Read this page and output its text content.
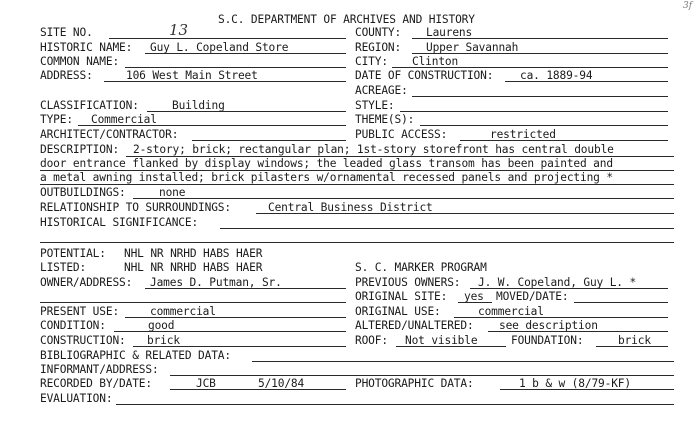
S.C. DEPARTMENT OF ARCHIVES AND HISTORY
3f
SITE NO.	13	COUNTY: Laurens
HISTORIC NAME: Guy L. Copeland Store	REGION: Upper Savannah
COMMON NAME:	CITY: Clinton
ADDRESS:	106 West Main Street	DATE OF CONSTRUCTION: ca. 1889-94
ACREAGE:
CLASSIFICATION:	Building	STYLE:
TYPE: Commercial	THEME(S):
ARCHITECT/CONTRACTOR:	PUBLIC ACCESS:	restricted
DESCRIPTION: 2-story; brick; rectangular plan; 1st-story storefront has central double
door entrance flanked by display windows; the leaded glass transom has been painted and
a metal awning installed; brick pilasters w/ornamental recessed panels and projecting *
OUTBUILDINGS:	none
RELATIONSHIP TO SURROUNDINGS:	Central Business District
HISTORICAL SIGNIFICANCE:
POTENTIAL: NHL NR NRHD HABS HAER
LISTED:	NHL NR NRHD HABS HAER	S. C. MARKER PROGRAM
OWNER/ADDRESS: James D. Putman, Sr.	PREVIOUS OWNERS: J. W. Copeland, Guy L. *
ORIGINAL SITE: yes MOVED/DATE:
PRESENT USE:	commercial	ORIGINAL USE:	commercial
CONDITION:	good	ALTERED/UNALTERED: see description
CONSTRUCTION: brick	ROOF: Not visible	FOUNDATION:	brick
BIBLIOGRAPHIC & RELATED DATA:
INFORMANT/ADDRESS:
RECORDED BY/DATE:	JCB	5/10/84	PHOTOGRAPHIC DATA:	1 b & w (8/79-KF)
EVALUATION:
